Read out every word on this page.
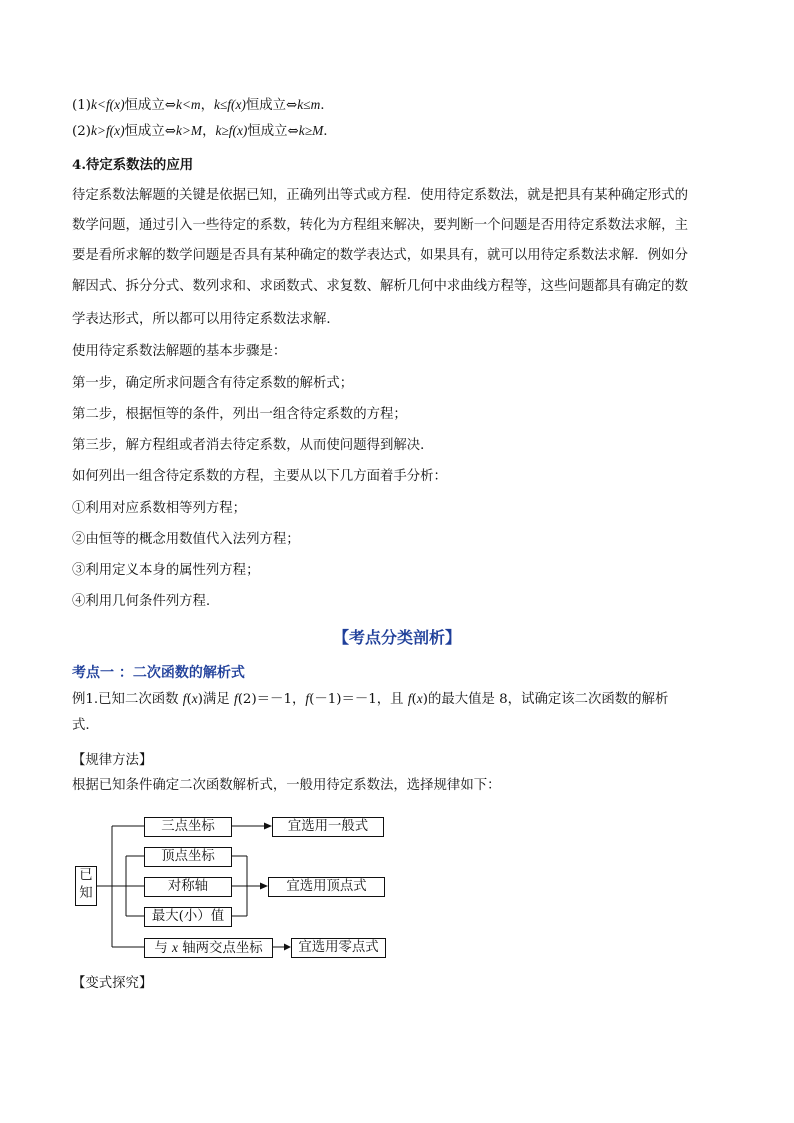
(1)k<f(x)恒成立⇔k<m，k≤f(x)恒成立⇔k≤m.
(2)k>f(x)恒成立⇔k>M，k≥f(x)恒成立⇔k≥M.
4.待定系数法的应用
待定系数法解题的关键是依据已知，正确列出等式或方程．使用待定系数法，就是把具有某种确定形式的
数学问题，通过引入一些待定的系数，转化为方程组来解决，要判断一个问题是否用待定系数法求解，主
要是看所求解的数学问题是否具有某种确定的数学表达式，如果具有，就可以用待定系数法求解．例如分
解因式、拆分分式、数列求和、求函数式、求复数、解析几何中求曲线方程等，这些问题都具有确定的数
学表达形式，所以都可以用待定系数法求解．
使用待定系数法解题的基本步骤是：
第一步，确定所求问题含有待定系数的解析式；
第二步，根据恒等的条件，列出一组含待定系数的方程；
第三步，解方程组或者消去待定系数，从而使问题得到解决．
如何列出一组含待定系数的方程，主要从以下几方面着手分析：
①利用对应系数相等列方程；
②由恒等的概念用数值代入法列方程；
③利用定义本身的属性列方程；
④利用几何条件列方程.
【考点分类剖析】
考点一 ：二次函数的解析式
例1.已知二次函数 f(x)满足 f(2)＝－1，f(－1)＝－1，且 f(x)的最大值是 8，试确定该二次函数的解析
式.
【规律方法】
根据已知条件确定二次函数解析式，一般用待定系数法，选择规律如下：
已知
三点坐标
顶点坐标
对称轴
最大(小）值
与 x 轴两交点坐标
宜选用一般式
宜选用顶点式
宜选用零点式
【变式探究】
